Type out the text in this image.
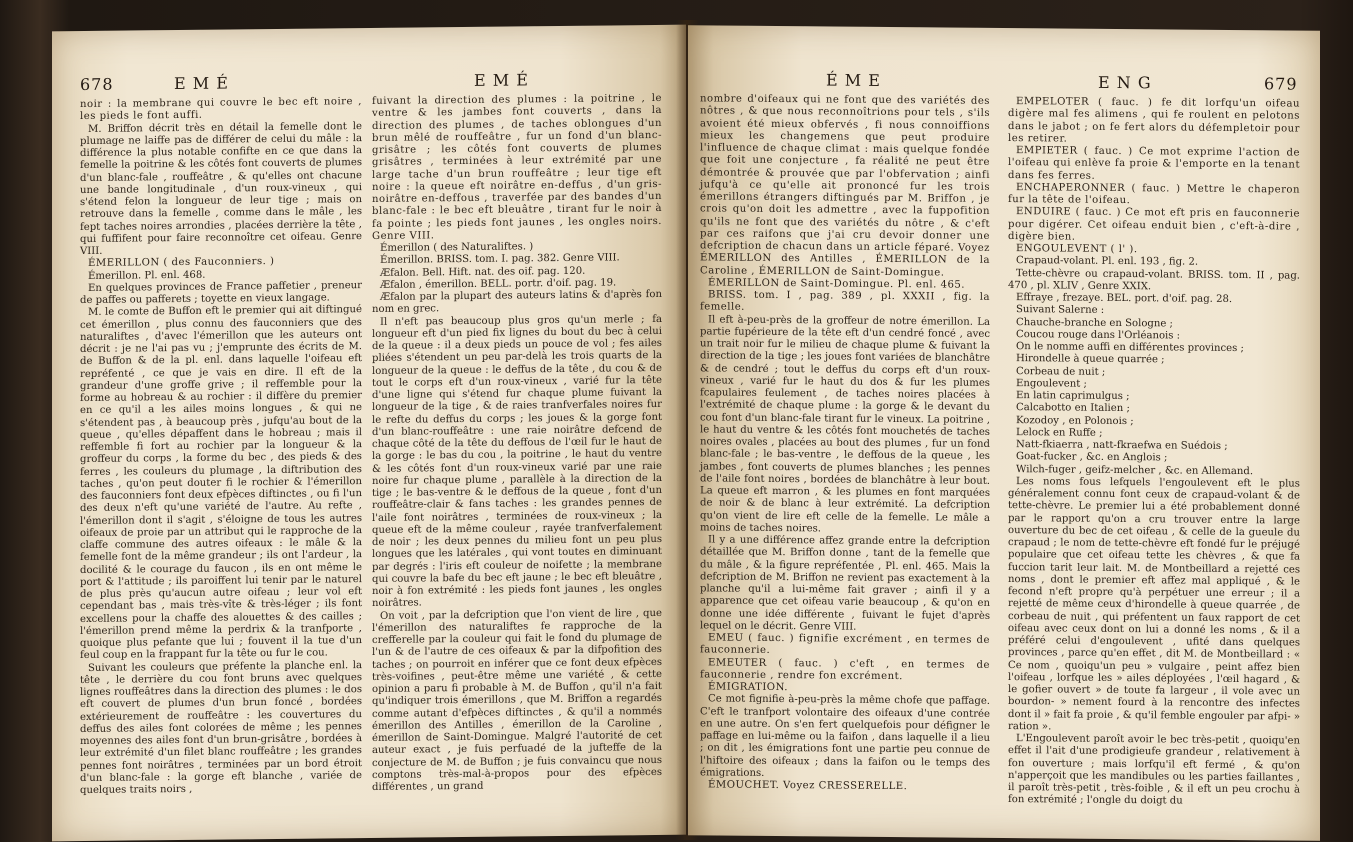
678	E M É	E M É

noir : la membrane qui couvre le bec eft noire , les pieds le font auffi.

M. Briffon décrit très en détail la femelle dont le plumage ne laiffe pas de différer de celui du mâle : la différence la plus notable confifte en ce que dans la femelle la poitrine & les côtés font couverts de plumes d'un blanc-fale , rouffeâtre , & qu'elles ont chacune une bande longitudinale , d'un roux-vineux , qui s'étend felon la longueur de leur tige ; mais on retrouve dans la femelle , comme dans le mâle , les fept taches noires arrondies , placées derrière la tête , qui fuffifent pour faire reconnoître cet oifeau. Genre VIII.

ÉMERILLON ( des Fauconniers. )

Émerillon. Pl. enl. 468.

En quelques provinces de France paffetier , preneur de paffes ou pafferets ; toyette en vieux langage.

M. le comte de Buffon eft le premier qui ait diftingué cet émerillon , plus connu des fauconniers que des naturaliftes , d'avec l'émerillon que les auteurs ont décrit : je ne l'ai pas vu ; j'emprunte des écrits de M. de Buffon & de la pl. enl. dans laquelle l'oifeau eft repréfenté , ce que je vais en dire. Il eft de la grandeur d'une groffe grive ; il reffemble pour la forme au hobreau & au rochier : il diffère du premier en ce qu'il a les ailes moins longues , & qui ne s'étendent pas , à beaucoup près , jufqu'au bout de la queue , qu'elles dépaffent dans le hobreau ; mais il reffemble fi fort au rochier par la longueur & la groffeur du corps , la forme du bec , des pieds & des ferres , les couleurs du plumage , la diftribution des taches , qu'on peut douter fi le rochier & l'émerillon des fauconniers font deux efpèces diftinctes , ou fi l'un des deux n'eft qu'une variété de l'autre. Au refte , l'émerillon dont il s'agit , s'éloigne de tous les autres oifeaux de proie par un attribut qui le rapproche de la claffe commune des autres oifeaux : le mâle & la femelle font de la même grandeur ; ils ont l'ardeur , la docilité & le courage du faucon , ils en ont même le port & l'attitude ; ils paroiffent lui tenir par le naturel de plus près qu'aucun autre oifeau ; leur vol eft cependant bas , mais très-vîte & très-léger ; ils font excellens pour la chaffe des alouettes & des cailles ; l'émerillon prend même la perdrix & la tranfporte , quoique plus pefante que lui ; fouvent il la tue d'un feul coup en la frappant fur la tête ou fur le cou.

Suivant les couleurs que préfente la planche enl. la tête , le derrière du cou font bruns avec quelques lignes rouffeâtres dans la direction des plumes : le dos eft couvert de plumes d'un brun foncé , bordées extérieurement de rouffeâtre : les couvertures du deffus des ailes font colorées de même ; les pennes moyennes des ailes font d'un brun-grisâtre , bordées à leur extrémité d'un filet blanc rouffeâtre ; les grandes pennes font noirâtres , terminées par un bord étroit d'un blanc-fale : la gorge eft blanche , variée de quelques traits noirs ,

fuivant la direction des plumes : la poitrine , le ventre & les jambes font couverts , dans la direction des plumes , de taches oblongues d'un brun mêlé de rouffeâtre , fur un fond d'un blanc-grisâtre ; les côtés font couverts de plumes grisâtres , terminées à leur extrémité par une large tache d'un brun rouffeâtre ; leur tige eft noire : la queue eft noirâtre en-deffus , d'un gris-noirâtre en-deffous , traverfée par des bandes d'un blanc-fale : le bec eft bleuâtre , tirant fur le noir à fa pointe ; les pieds font jaunes , les ongles noirs. Genre VIII.

Émerillon ( des Naturaliftes. )

Émerillon. BRISS. tom. I. pag. 382. Genre VIII.

Æfalon. Bell. Hift. nat. des oif. pag. 120.

Æfalon , émerillon. BELL. portr. d'oif. pag. 19.

Æfalon par la plupart des auteurs latins & d'après fon nom en grec.

Il n'eft pas beaucoup plus gros qu'un merle ; fa longueur eft d'un pied fix lignes du bout du bec à celui de la queue : il a deux pieds un pouce de vol ; fes ailes pliées s'étendent un peu par-delà les trois quarts de la longueur de la queue : le deffus de la tête , du cou & de tout le corps eft d'un roux-vineux , varié fur la tête d'une ligne qui s'étend fur chaque plume fuivant la longueur de la tige , & de raies tranfverfales noires fur le refte du deffus du corps ; les joues & la gorge font d'un blanc-rouffeâtre : une raie noirâtre defcend de chaque côté de la tête du deffous de l'œil fur le haut de la gorge : le bas du cou , la poitrine , le haut du ventre & les côtés font d'un roux-vineux varié par une raie noire fur chaque plume , parallèle à la direction de la tige ; le bas-ventre & le deffous de la queue , font d'un rouffeâtre-clair & fans taches : les grandes pennes de l'aile font noirâtres , terminées de roux-vineux ; la queue eft de la même couleur , rayée tranfverfalement de noir ; les deux pennes du milieu font un peu plus longues que les latérales , qui vont toutes en diminuant par degrés : l'iris eft couleur de noifette ; la membrane qui couvre la bafe du bec eft jaune ; le bec eft bleuâtre , noir à fon extrémité : les pieds font jaunes , les ongles noirâtres.

On voit , par la defcription que l'on vient de lire , que l'émerillon des naturaliftes fe rapproche de la crefferelle par la couleur qui fait le fond du plumage de l'un & de l'autre de ces oifeaux & par la difpofition des taches ; on pourroit en inférer que ce font deux efpèces très-voifines , peut-être même une variété , & cette opinion a paru fi probable à M. de Buffon , qu'il n'a fait qu'indiquer trois émerillons , que M. Briffon a regardés comme autant d'efpèces diftinctes , & qu'il a nommés émerillon des Antilles , émerillon de la Caroline , émerillon de Saint-Domingue. Malgré l'autorité de cet auteur exact , je fuis perfuadé de la jufteffe de la conjecture de M. de Buffon ; je fuis convaincu que nous comptons très-mal-à-propos pour des efpèces différentes , un grand

É M E	E N G	679

nombre d'oifeaux qui ne font que des variétés des nôtres , & que nous reconnoîtrions pour tels , s'ils avoient été mieux obfervés , fi nous connoiffions mieux les changemens que peut produire l'influence de chaque climat : mais quelque fondée que foit une conjecture , fa réalité ne peut être démontrée & prouvée que par l'obfervation ; ainfi jufqu'à ce qu'elle ait prononcé fur les trois émerillons étrangers diftingués par M. Briffon , je crois qu'on doit les admettre , avec la fuppofition qu'ils ne font que des variétés du nôtre , & c'eft par ces raifons que j'ai cru devoir donner une defcription de chacun dans un article féparé. Voyez ÉMERILLON des Antilles , ÉMERILLON de la Caroline , ÉMERILLON de Saint-Domingue.

ÉMERILLON de Saint-Domingue. Pl. enl. 465.

BRISS. tom. I , pag. 389 , pl. XXXII , fig. la femelle.

Il eft à-peu-près de la groffeur de notre émerillon. La partie fupérieure de la tête eft d'un cendré foncé , avec un trait noir fur le milieu de chaque plume & fuivant la direction de la tige ; les joues font variées de blanchâtre & de cendré ; tout le deffus du corps eft d'un roux-vineux , varié fur le haut du dos & fur les plumes fcapulaires feulement , de taches noires placées à l'extrémité de chaque plume : la gorge & le devant du cou font d'un blanc-fale tirant fur le vineux. La poitrine , le haut du ventre & les côtés font mouchetés de taches noires ovales , placées au bout des plumes , fur un fond blanc-fale ; le bas-ventre , le deffous de la queue , les jambes , font couverts de plumes blanches ; les pennes de l'aile font noires , bordées de blanchâtre à leur bout. La queue eft marron , & les plumes en font marquées de noir & de blanc à leur extrémité. La defcription qu'on vient de lire eft celle de la femelle. Le mâle a moins de taches noires.

Il y a une différence affez grande entre la defcription détaillée que M. Briffon donne , tant de la femelle que du mâle , & la figure repréfentée , Pl. enl. 465. Mais la defcription de M. Briffon ne revient pas exactement à la planche qu'il a lui-même fait graver ; ainfi il y a apparence que cet oifeau varie beaucoup , & qu'on en donne une idée différente , fuivant le fujet d'après lequel on le décrit. Genre VIII.

EMEU ( fauc. ) fignifie excrément , en termes de fauconnerie.

EMEUTER ( fauc. ) c'eft , en termes de fauconnerie , rendre fon excrément.

ÉMIGRATION.

Ce mot fignifie à-peu-près la même chofe que paffage. C'eft le tranfport volontaire des oifeaux d'une contrée en une autre. On s'en fert quelquefois pour défigner le paffage en lui-même ou la faifon , dans laquelle il a lieu ; on dit , les émigrations font une partie peu connue de l'hiftoire des oifeaux ; dans la faifon ou le temps des émigrations.

ÉMOUCHET. Voyez CRESSERELLE.

EMPELOTER ( fauc. ) fe dit lorfqu'un oifeau digère mal fes alimens , qui fe roulent en pelotons dans le jabot ; on fe fert alors du défempletoir pour les retirer.

EMPIETER ( fauc. ) Ce mot exprime l'action de l'oifeau qui enlève fa proie & l'emporte en la tenant dans fes ferres.

ENCHAPERONNER ( fauc. ) Mettre le chaperon fur la tête de l'oifeau.

ENDUIRE ( fauc. ) Ce mot eft pris en fauconnerie pour digérer. Cet oifeau enduit bien , c'eft-à-dire , digère bien.

ENGOULEVENT ( l' ).

Crapaud-volant. Pl. enl. 193 , fig. 2.

Tette-chèvre ou crapaud-volant. BRISS. tom. II , pag. 470 , pl. XLIV , Genre XXIX.

Effraye , frezaye. BEL. port. d'oif. pag. 28.

Suivant Salerne :

Chauche-branche en Sologne ;

Coucou rouge dans l'Orléanois :

On le nomme auffi en différentes provinces ;

Hirondelle à queue quarrée ;

Corbeau de nuit ;

Engoulevent ;

En latin caprimulgus ;

Calcabotto en Italien ;

Kozodoy , en Polonois ;

Lelock en Ruffe ;

Natt-fkiaerra , natt-fkraefwa en Suédois ;

Goat-fucker , &c. en Anglois ;

Wilch-fuger , geifz-melcher , &c. en Allemand.

Les noms fous lefquels l'engoulevent eft le plus généralement connu font ceux de crapaud-volant & de tette-chèvre. Le premier lui a été probablement donné par le rapport qu'on a cru trouver entre la large ouverture du bec de cet oifeau , & celle de la gueule du crapaud ; le nom de tette-chèvre eft fondé fur le préjugé populaire que cet oifeau tette les chèvres , & que fa fuccion tarit leur lait. M. de Montbeillard a rejetté ces noms , dont le premier eft affez mal appliqué , & le fecond n'eft propre qu'à perpétuer une erreur ; il a rejetté de même ceux d'hirondelle à queue quarrée , de corbeau de nuit , qui préfentent un faux rapport de cet oifeau avec ceux dont on lui a donné les noms , & il a préféré celui d'engoulevent , ufité dans quelques provinces , parce qu'en effet , dit M. de Montbeillard : « Ce nom , quoiqu'un peu » vulgaire , peint affez bien l'oifeau , lorfque les » ailes déployées , l'œil hagard , & le gofier ouvert » de toute fa largeur , il vole avec un bourdon- » nement fourd à la rencontre des infectes dont il » fait fa proie , & qu'il femble engouler par afpi- » ration ».

L'Engoulevent paroît avoir le bec très-petit , quoiqu'en effet il l'ait d'une prodigieufe grandeur , relativement à fon ouverture ; mais lorfqu'il eft fermé , & qu'on n'apperçoit que les mandibules ou les parties faillantes , il paroît très-petit , très-foible , & il eft un peu crochu à fon extrémité ; l'ongle du doigt du
